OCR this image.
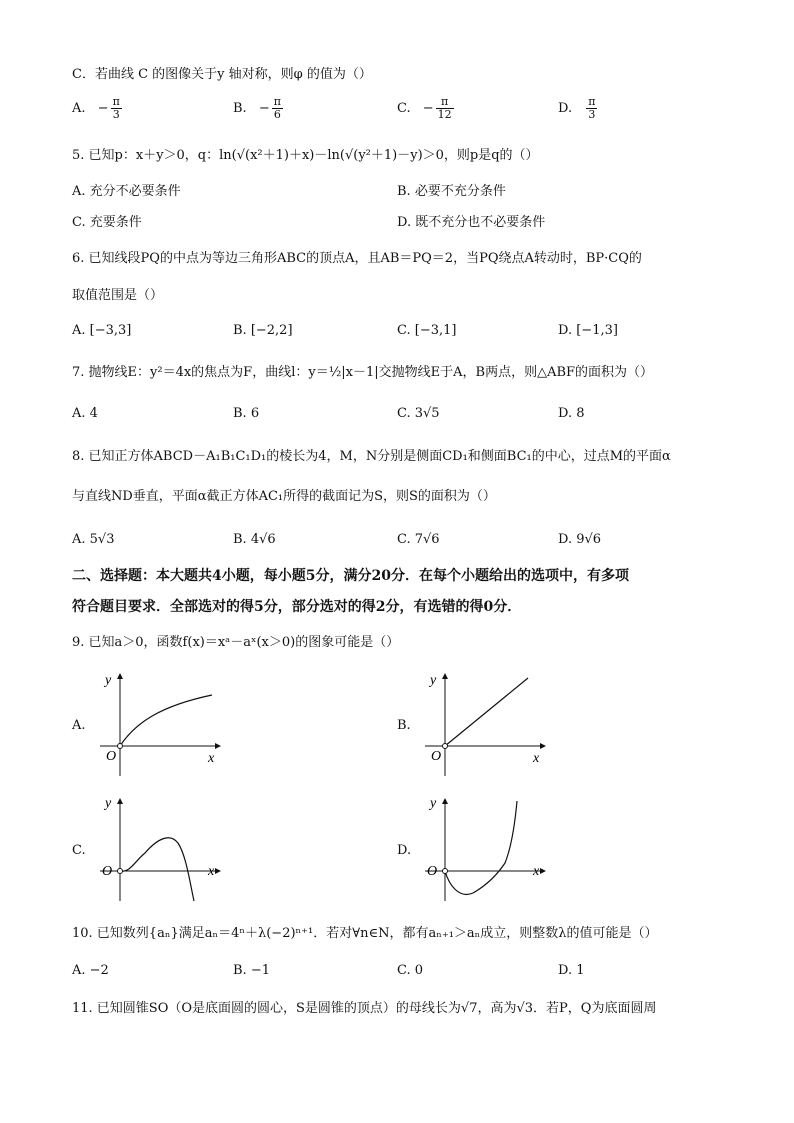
C．若曲线 C 的图像关于y 轴对称，则φ 的值为（）
A. − $\frac{\pi}{3}$	B. − $\frac{\pi}{6}$	C. − $\frac{\pi}{12}$	D. $\frac{\pi}{3}$
5. 已知p：x＋y＞0，q：ln(√(x²＋1)＋x)－ln(√(y²＋1)－y)＞0，则p是q的（）
A. 充分不必要条件	B. 必要不充分条件
C. 充要条件	D. 既不充分也不必要条件
6. 已知线段PQ的中点为等边三角形ABC的顶点A，且AB＝PQ＝2，当PQ绕点A转动时，BP·CQ的
取值范围是（）
A. [−3,3]	B. [−2,2]	C. [−3,1]	D. [−1,3]
7. 抛物线E：y²＝4x的焦点为F，曲线l：y＝½|x－1|交抛物线E于A，B两点，则△ABF的面积为（）
A. 4	B. 6	C. 3√5	D. 8
8. 已知正方体ABCD－A₁B₁C₁D₁的棱长为4，M，N分别是侧面CD₁和侧面BC₁的中心，过点M的平面α
与直线ND垂直，平面α截正方体AC₁所得的截面记为S，则S的面积为（）
A. 5√3	B. 4√6	C. 7√6	D. 9√6
二、选择题：本大题共4小题，每小题5分，满分20分．在每个小题给出的选项中，有多项
符合题目要求．全部选对的得5分，部分选对的得2分，有选错的得0分．
9. 已知a＞0，函数f(x)＝xᵃ－aˣ(x＞0)的图象可能是（）
A.
O	x
y
B.
O	x
y
C.
O	x
y
D.
O	x
y
10. 已知数列{aₙ}满足aₙ＝4ⁿ＋λ(−2)ⁿ⁺¹．若对∀n∈N，都有aₙ₊₁＞aₙ成立，则整数λ的值可能是（）
A. −2	B. −1	C. 0	D. 1
11. 已知圆锥SO（O是底面圆的圆心，S是圆锥的顶点）的母线长为√7，高为√3．若P，Q为底面圆周
